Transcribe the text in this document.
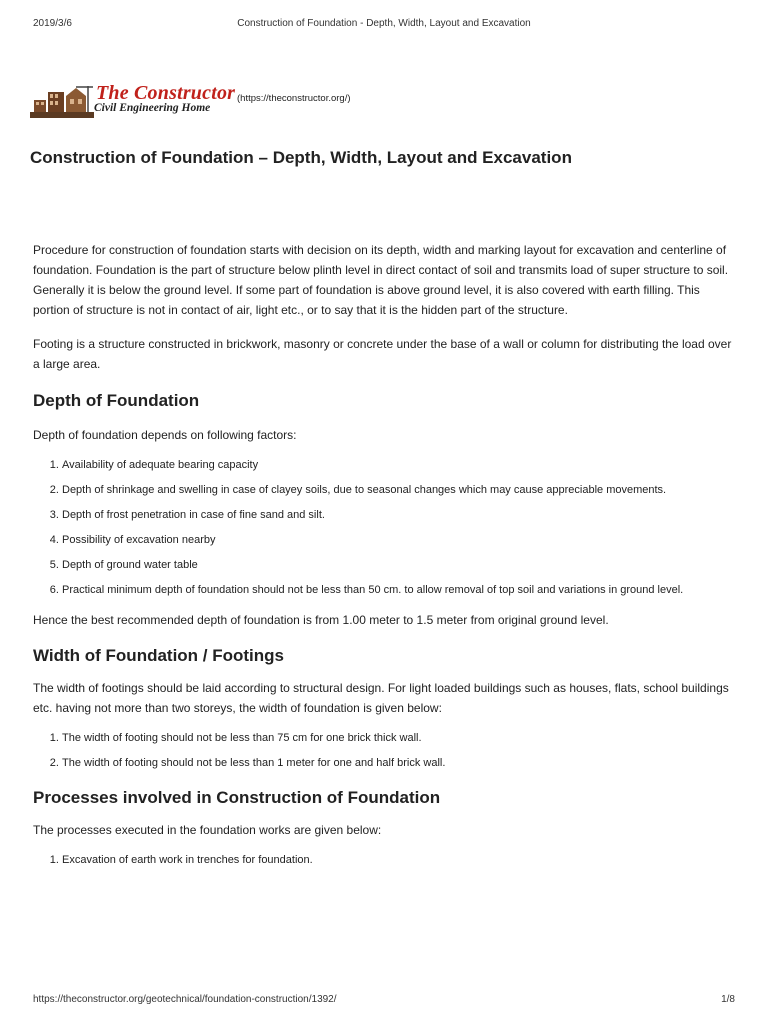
2019/3/6	Construction of Foundation - Depth, Width, Layout and Excavation
The Constructor
Civil Engineering Home
(https://theconstructor.org/)
Construction of Foundation – Depth, Width, Layout and Excavation

Procedure for construction of foundation starts with decision on its depth, width and marking layout for excavation and centerline of foundation. Foundation is the part of structure below plinth level in direct contact of soil and transmits load of super structure to soil. Generally it is below the ground level. If some part of foundation is above ground level, it is also covered with earth filling. This portion of structure is not in contact of air, light etc., or to say that it is the hidden part of the structure.

Footing is a structure constructed in brickwork, masonry or concrete under the base of a wall or column for distributing the load over a large area.

Depth of Foundation

Depth of foundation depends on following factors:

1. Availability of adequate bearing capacity
2. Depth of shrinkage and swelling in case of clayey soils, due to seasonal changes which may cause appreciable movements.
3. Depth of frost penetration in case of fine sand and silt.
4. Possibility of excavation nearby
5. Depth of ground water table
6. Practical minimum depth of foundation should not be less than 50 cm. to allow removal of top soil and variations in ground level.

Hence the best recommended depth of foundation is from 1.00 meter to 1.5 meter from original ground level.

Width of Foundation / Footings

The width of footings should be laid according to structural design. For light loaded buildings such as houses, flats, school buildings etc. having not more than two storeys, the width of foundation is given below:

1. The width of footing should not be less than 75 cm for one brick thick wall.
2. The width of footing should not be less than 1 meter for one and half brick wall.
Processes involved in Construction of Foundation

The processes executed in the foundation works are given below:

1. Excavation of earth work in trenches for foundation.
https://theconstructor.org/geotechnical/foundation-construction/1392/	1/8
